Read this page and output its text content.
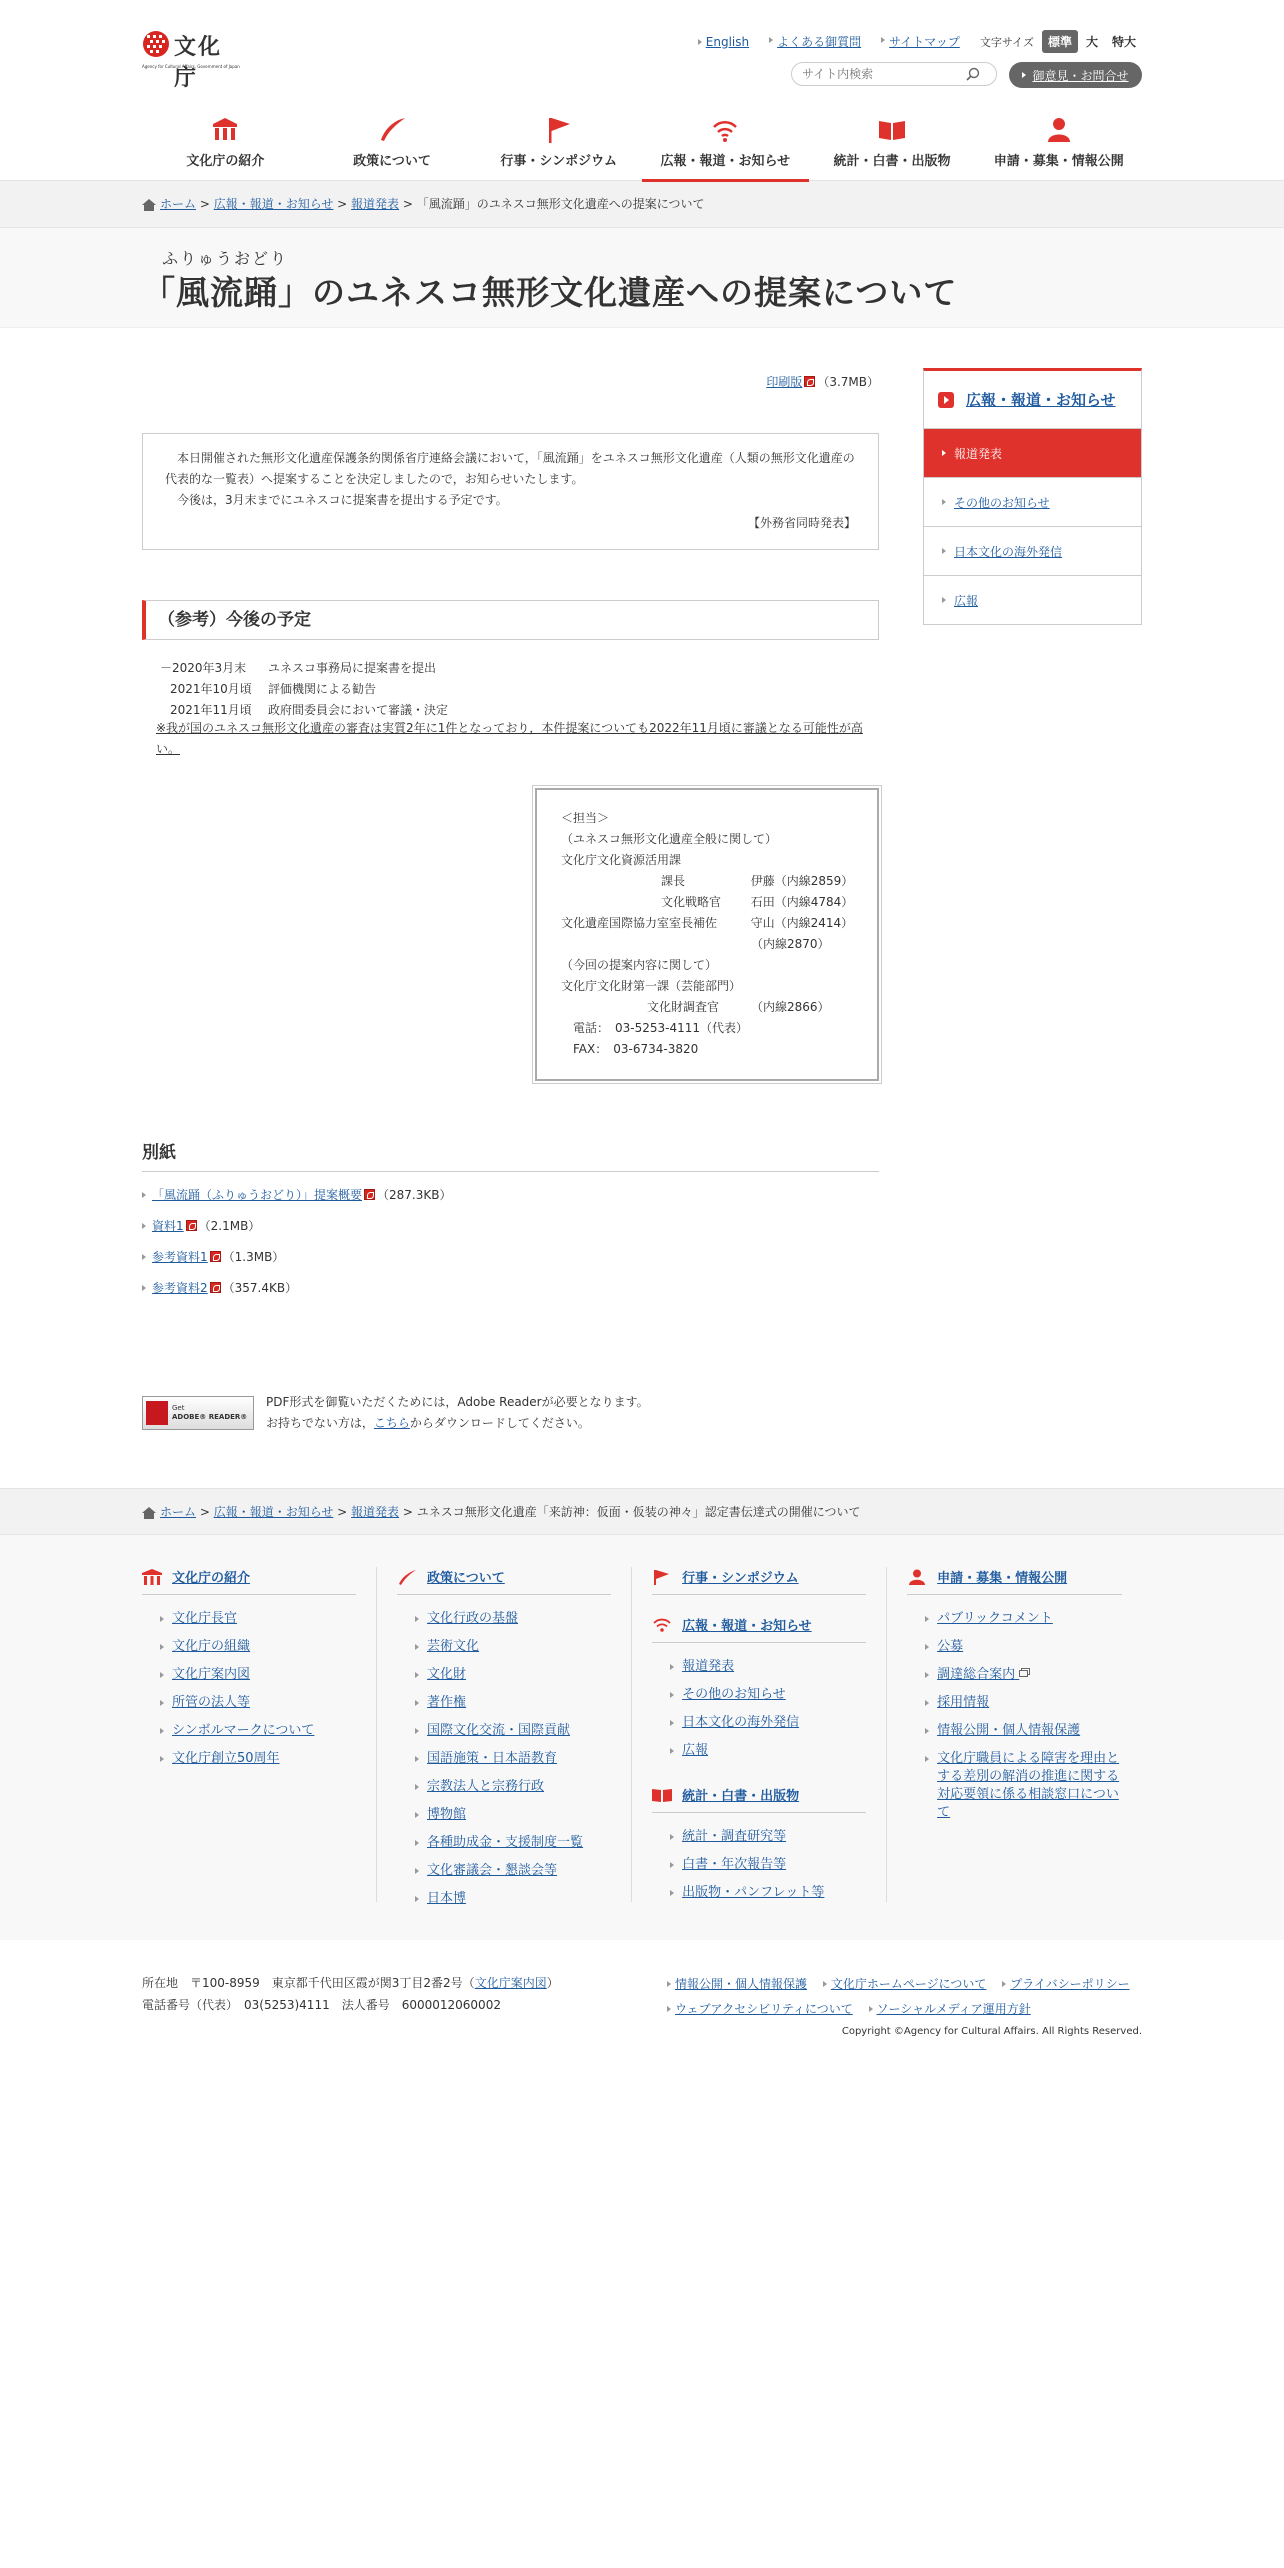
文化庁
Agency for Cultural Affairs, Government of Japan
English	よくある御質問	サイトマップ 文字サイズ	標準	大	特大
サイト内検索
御意見・お問合せ
文化庁の紹介	政策について	行事・シンポジウム	広報・報道・お知らせ	統計・白書・出版物	申請・募集・情報公開
ホーム > 広報・報道・お知らせ > 報道発表 > 「風流踊」のユネスコ無形文化遺産への提案について
ふりゅうおどり
「風流踊」のユネスコ無形文化遺産への提案について
印刷版 （3.7MB）
本日開催された無形文化遺産保護条約関係省庁連絡会議において，「風流踊」をユネスコ無形文化遺産（人類の無形文化遺産の
代表的な一覧表）へ提案することを決定しましたので，お知らせいたします。
今後は，3月末までにユネスコに提案書を提出する予定です。
【外務省同時発表】
（参考）今後の予定
－2020年3月末	ユネスコ事務局に提案書を提出
2021年10月頃	評価機関による勧告
2021年11月頃	政府間委員会において審議・決定
※我が国のユネスコ無形文化遺産の審査は実質2年に1件となっており，本件提案についても2022年11月頃に審議となる可能性が高い。
＜担当＞
（ユネスコ無形文化遺産全般に関して）
文化庁文化資源活用課
課長	伊藤（内線2859）
文化戦略官	石田（内線4784）
文化遺産国際協力室室長補佐	守山（内線2414）
（内線2870）
（今回の提案内容に関して）
文化庁文化財第一課（芸能部門）
文化財調査官	（内線2866）
電話：　03-5253-4111（代表）
FAX：　03-6734-3820
別紙
「風流踊（ふりゅうおどり）」提案概要 （287.3KB）
資料1 （2.1MB）
参考資料1 （1.3MB）
参考資料2 （357.4KB）
Get
ADOBE® READER®
PDF形式を御覧いただくためには，Adobe Readerが必要となります。
お持ちでない方は，こちらからダウンロードしてください。
広報・報道・お知らせ
報道発表
その他のお知らせ
日本文化の海外発信
広報
ホーム > 広報・報道・お知らせ > 報道発表 > ユネスコ無形文化遺産「来訪神：仮面・仮装の神々」認定書伝達式の開催について
文化庁の紹介
文化庁長官
文化庁の組織
文化庁案内図
所管の法人等
シンボルマークについて
文化庁創立50周年
政策について
文化行政の基盤
芸術文化
文化財
著作権
国際文化交流・国際貢献
国語施策・日本語教育
宗教法人と宗務行政
博物館
各種助成金・支援制度一覧
文化審議会・懇談会等
日本博
行事・シンポジウム
広報・報道・お知らせ
報道発表
その他のお知らせ
日本文化の海外発信
広報
統計・白書・出版物
統計・調査研究等
白書・年次報告等
出版物・パンフレット等
申請・募集・情報公開
パブリックコメント
公募
調達総合案内
採用情報
情報公開・個人情報保護
文化庁職員による障害を理由とする差別の解消の推進に関する対応要領に係る相談窓口について
所在地　〒100-8959　東京都千代田区霞が関3丁目2番2号（文化庁案内図）
電話番号（代表）　03(5253)4111　法人番号　6000012060002
情報公開・個人情報保護 文化庁ホームページについて プライバシーポリシー
ウェブアクセシビリティについて ソーシャルメディア運用方針
Copyright ©Agency for Cultural Affairs. All Rights Reserved.
